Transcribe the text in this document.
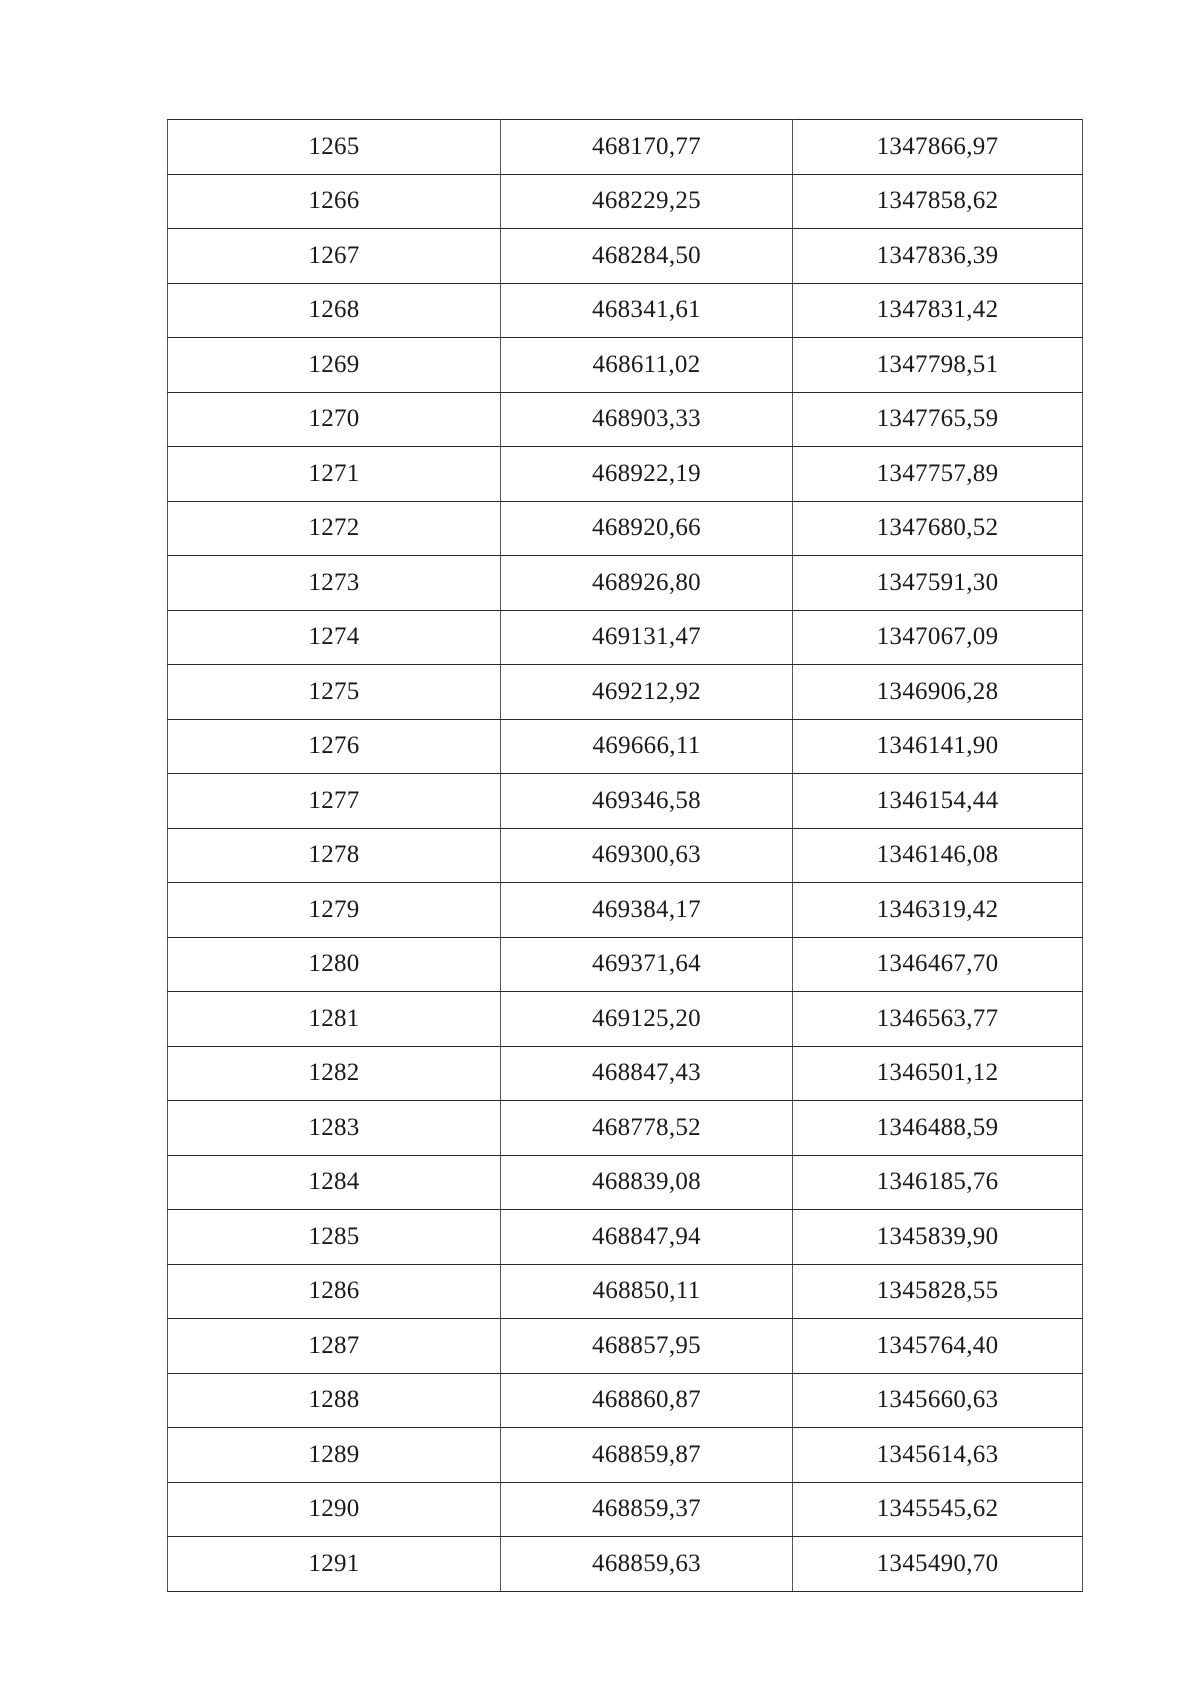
1265	468170,77	1347866,97
1266	468229,25	1347858,62
1267	468284,50	1347836,39
1268	468341,61	1347831,42
1269	468611,02	1347798,51
1270	468903,33	1347765,59
1271	468922,19	1347757,89
1272	468920,66	1347680,52
1273	468926,80	1347591,30
1274	469131,47	1347067,09
1275	469212,92	1346906,28
1276	469666,11	1346141,90
1277	469346,58	1346154,44
1278	469300,63	1346146,08
1279	469384,17	1346319,42
1280	469371,64	1346467,70
1281	469125,20	1346563,77
1282	468847,43	1346501,12
1283	468778,52	1346488,59
1284	468839,08	1346185,76
1285	468847,94	1345839,90
1286	468850,11	1345828,55
1287	468857,95	1345764,40
1288	468860,87	1345660,63
1289	468859,87	1345614,63
1290	468859,37	1345545,62
1291	468859,63	1345490,70
